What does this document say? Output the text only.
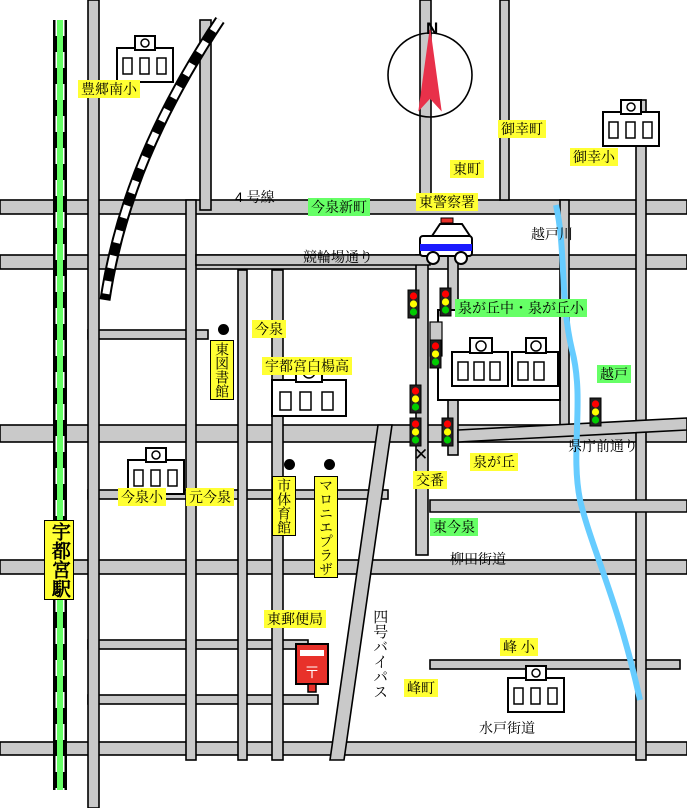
〒
豊郷南小
4 号線
今泉新町
競輪場通り
御幸町
御幸小
東町
東警察署
越戸川
泉が丘中・泉が丘小
越戸
県庁前通り
今泉
東図書館 宇都宮白楊高
今泉小 元今泉	市体育館 マロニエプラザ	交番
泉が丘
東今泉
柳田街道
宇都宮駅
東郵便局	四号バイパス 峰町
峰 小
水戸街道
N
✕
